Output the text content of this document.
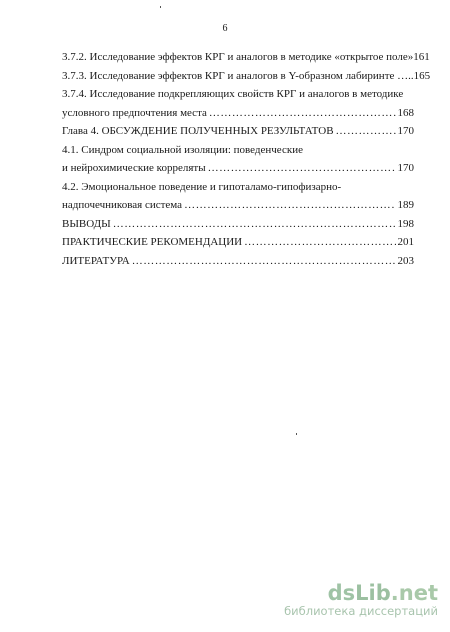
6
3.7.2. Исследование эффектов КРГ и аналогов в методике «открытое поле» 161
3.7.3. Исследование эффектов КРГ и аналогов в Y-образном лабиринте ….. 165
3.7.4. Исследование подкрепляющих свойств КРГ и аналогов в методике
условного предпочтения места ……………………………………………………………………………………………………………………………………	168
Глава 4. ОБСУЖДЕНИЕ ПОЛУЧЕННЫХ РЕЗУЛЬТАТОВ ……………………………………………………………………………………………………………………………………	170
4.1. Синдром социальной изоляции: поведенческие
и нейрохимические корреляты ……………………………………………………………………………………………………………………………………	170
4.2. Эмоциональное поведение и гипоталамо-гипофизарно-
надпочечниковая система ……………………………………………………………………………………………………………………………………	189
ВЫВОДЫ ……………………………………………………………………………………………………………………………………	198
ПРАКТИЧЕСКИЕ РЕКОМЕНДАЦИИ ……………………………………………………………………………………………………………………………………	201
ЛИТЕРАТУРА ……………………………………………………………………………………………………………………………………	203
dsLib.net
библиотека диссертаций
